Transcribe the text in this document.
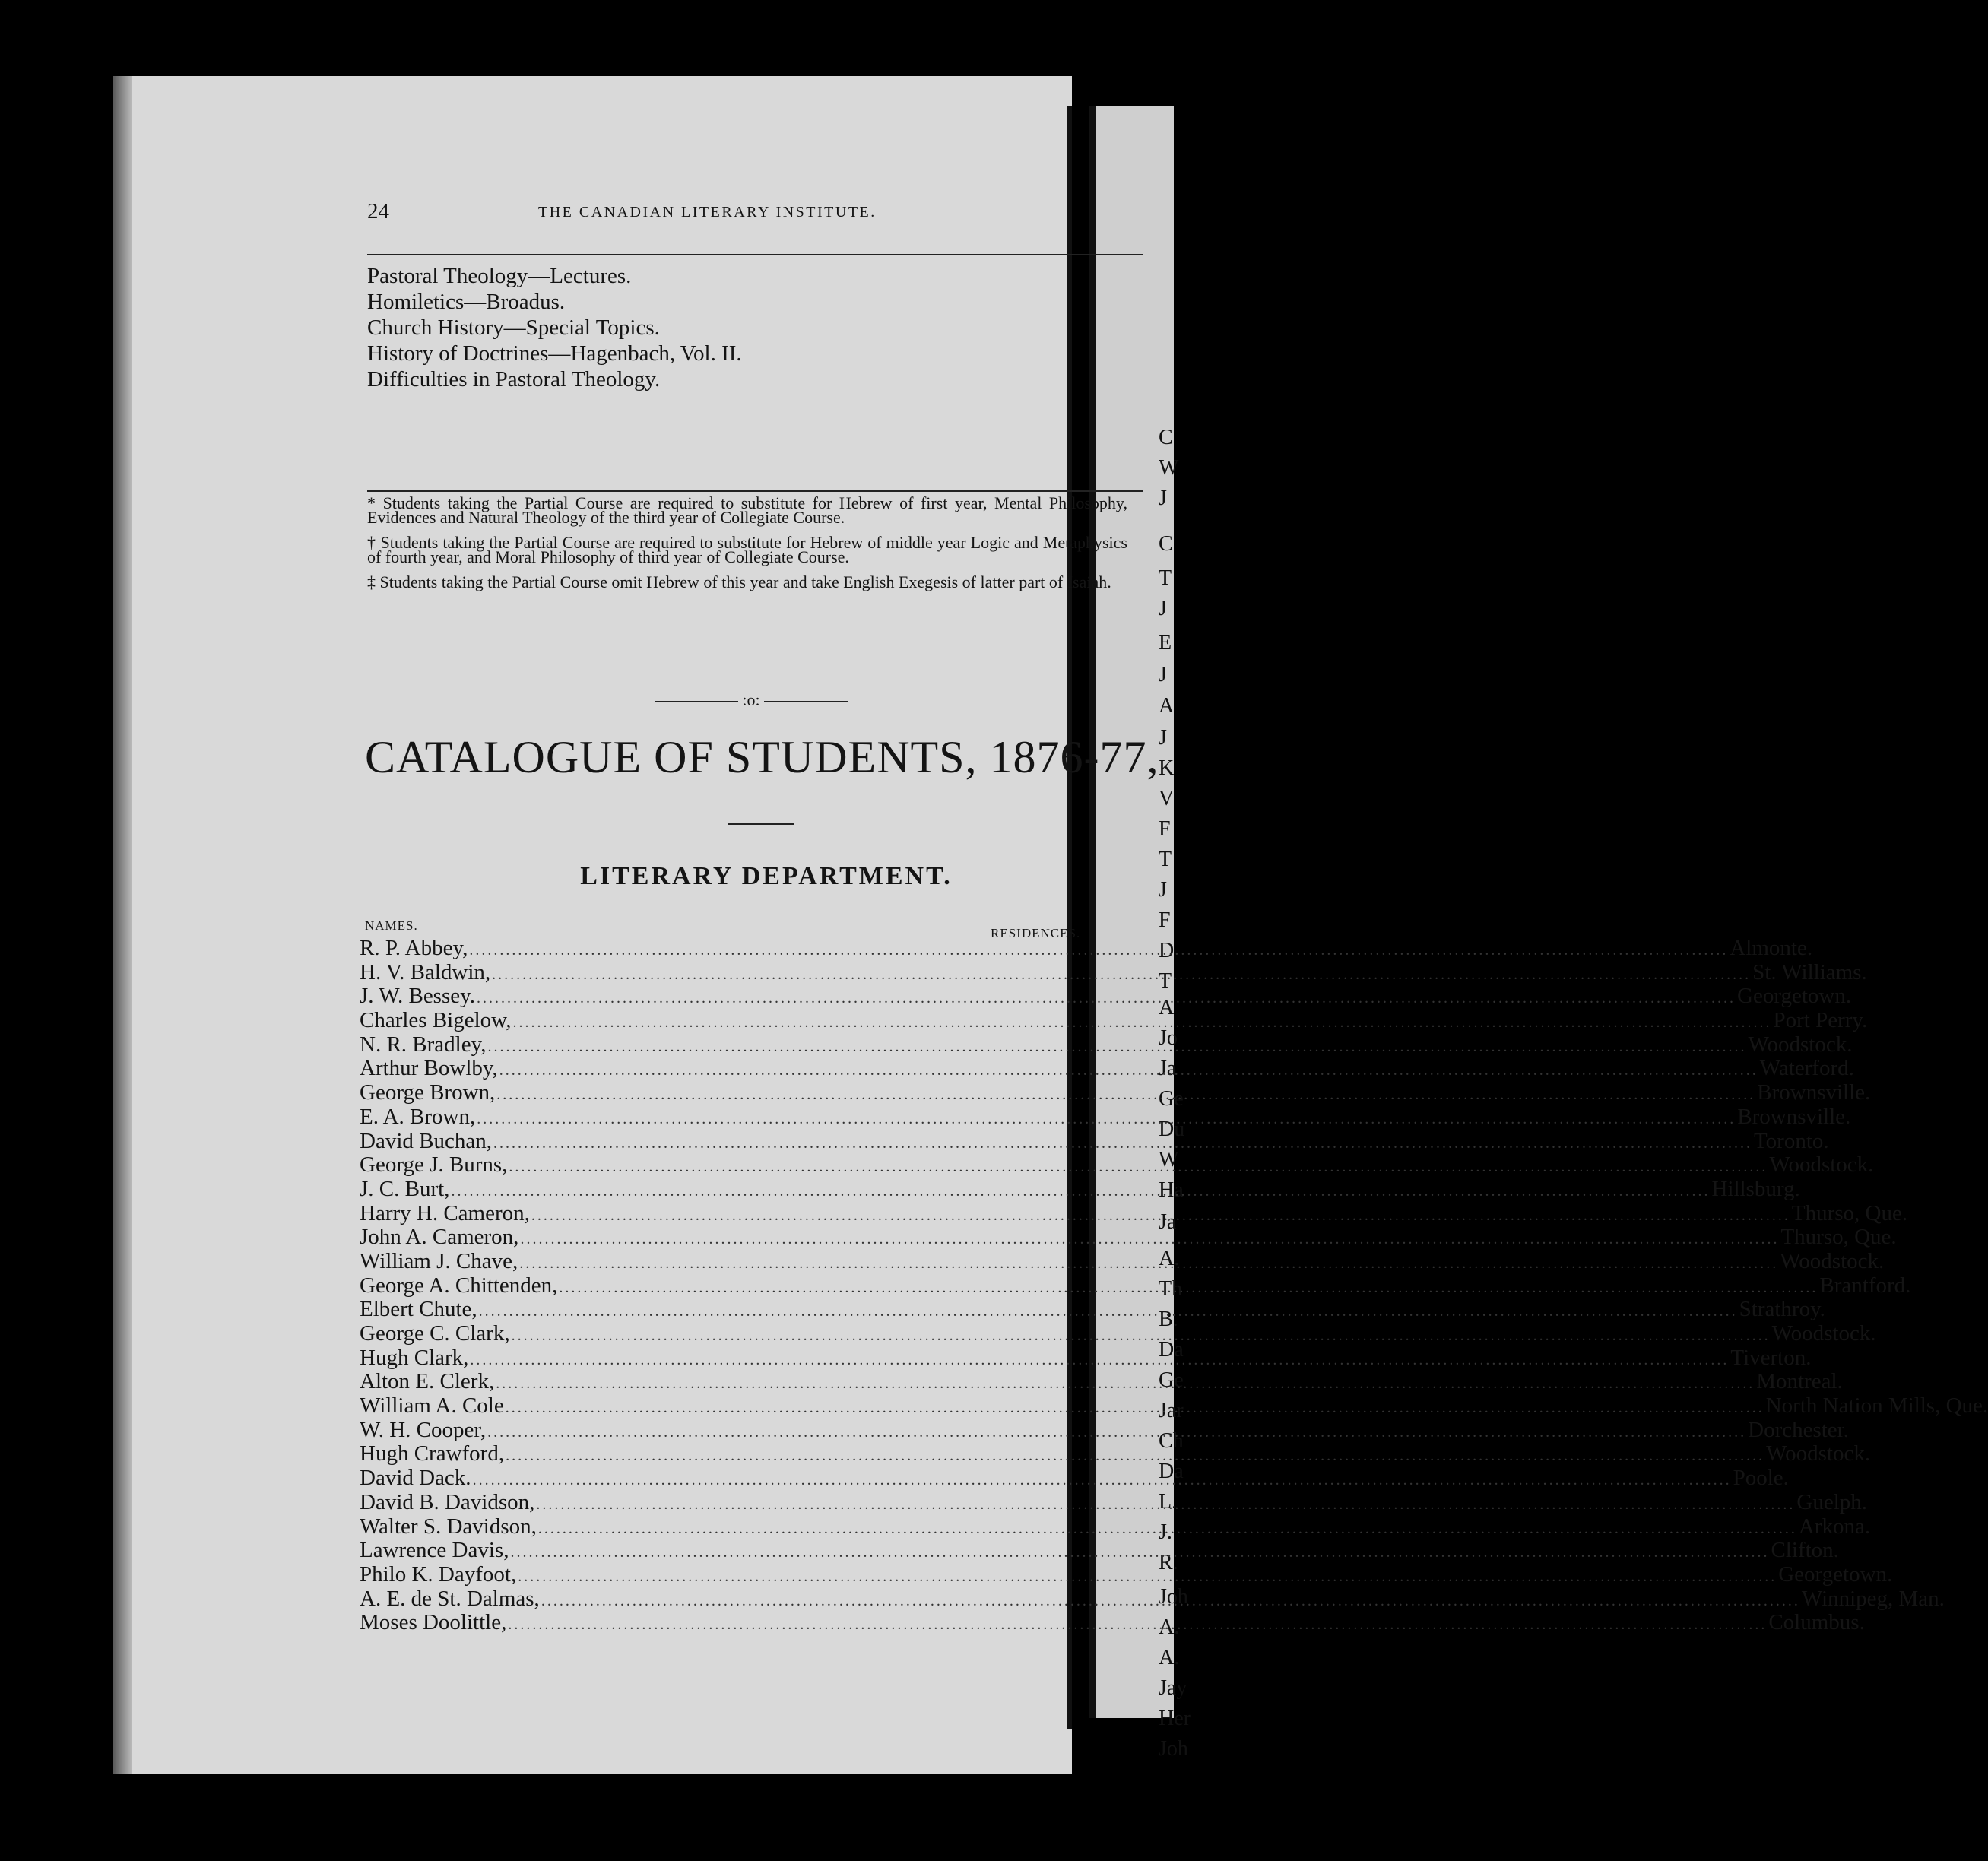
C
W
J
C
T
J
E
J
A
J
K
V
F
T
J
F
D
T
A
Jo
Ja
Ge
Du
W
Ha
Ja
A.
Th
B.
Da
Ge
Jar
Ch
Da
L.
J.
R.
Joh
A.
A.
Jay
Her
Joh
24	THE CANADIAN LITERARY INSTITUTE.
Pastoral Theology—Lectures.
Homiletics—Broadus.
Church History—Special Topics.
History of Doctrines—Hagenbach, Vol. II.
Difficulties in Pastoral Theology.

* Students taking the Partial Course are required to substitute for Hebrew of first year, Mental Philosophy, Evidences and Natural Theology of the third year of Collegiate Course.

† Students taking the Partial Course are required to substitute for Hebrew of middle year Logic and Metaphysics of fourth year, and Moral Philosophy of third year of Collegiate Course.

‡ Students taking the Partial Course omit Hebrew of this year and take English Exegesis of latter part of Isaiah.

:o:
CATALOGUE OF STUDENTS, 1876-77,
LITERARY DEPARTMENT.
NAMES.
RESIDENCES.
R. P. Abbey, .....	Almonte.
H. V. Baldwin, .....	St. Williams.
J. W. Bessey. .....	Georgetown.
Charles Bigelow, .....	Port Perry.
N. R. Bradley, .....	Woodstock.
Arthur Bowlby, .....	Waterford.
George Brown, .....	Brownsville.
E. A. Brown, .....	Brownsville.
David Buchan, .....	Toronto.
George J. Burns, .....	Woodstock.
J. C. Burt, .....	Hillsburg.
Harry H. Cameron, .....	Thurso, Que.
John A. Cameron, .....	Thurso, Que.
William J. Chave, .....	Woodstock.
George A. Chittenden, .....	Brantford.
Elbert Chute, .....	Strathroy.
George C. Clark, .....	Woodstock.
Hugh Clark, .....	Tiverton.
Alton E. Clerk, .....	Montreal.
William A. Cole .....	North Nation Mills, Que.
W. H. Cooper, .....	Dorchester.
Hugh Crawford, .....	Woodstock.
David Dack. .....	Poole.
David B. Davidson, .....	Guelph.
Walter S. Davidson, .....	Arkona.
Lawrence Davis, .....	Clifton.
Philo K. Dayfoot, .....	Georgetown.
A. E. de St. Dalmas, .....	Winnipeg, Man.
Moses Doolittle, .....	Columbus.
